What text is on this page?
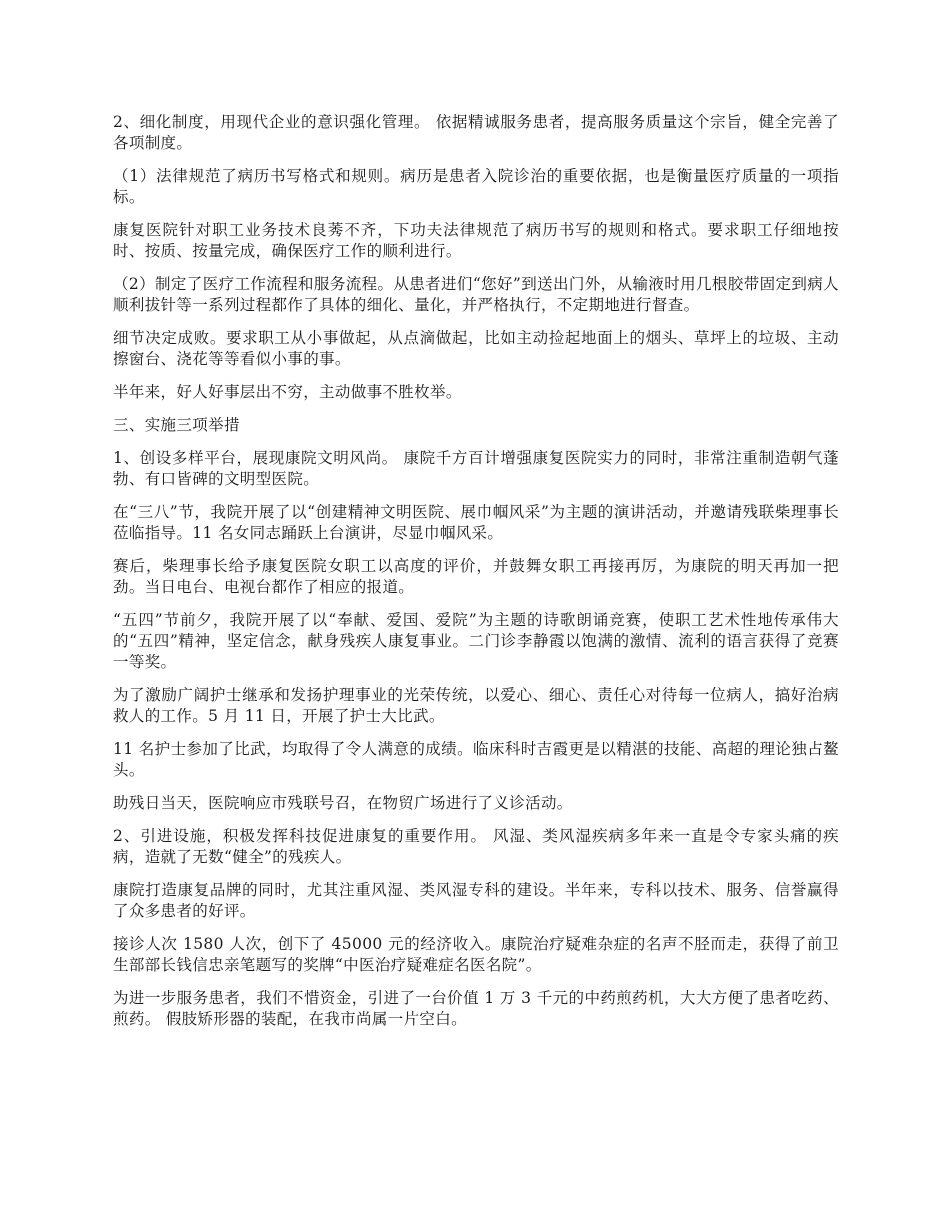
2、细化制度，用现代企业的意识强化管理。 依据精诚服务患者，提高服务质量这个宗旨，健全完善了各项制度。

（1）法律规范了病历书写格式和规则。病历是患者入院诊治的重要依据，也是衡量医疗质量的一项指标。

康复医院针对职工业务技术良莠不齐，下功夫法律规范了病历书写的规则和格式。要求职工仔细地按时、按质、按量完成，确保医疗工作的顺利进行。

（2）制定了医疗工作流程和服务流程。从患者进们“您好”到送出门外，从输液时用几根胶带固定到病人顺利拔针等一系列过程都作了具体的细化、量化，并严格执行，不定期地进行督查。

细节决定成败。要求职工从小事做起，从点滴做起，比如主动捡起地面上的烟头、草坪上的垃圾、主动擦窗台、浇花等等看似小事的事。

半年来，好人好事层出不穷，主动做事不胜枚举。

三、实施三项举措

1、创设多样平台，展现康院文明风尚。 康院千方百计增强康复医院实力的同时，非常注重制造朝气蓬勃、有口皆碑的文明型医院。

在“三八”节，我院开展了以“创建精神文明医院、展巾帼风采”为主题的演讲活动，并邀请残联柴理事长莅临指导。11 名女同志踊跃上台演讲，尽显巾帼风采。

赛后，柴理事长给予康复医院女职工以高度的评价，并鼓舞女职工再接再厉，为康院的明天再加一把劲。当日电台、电视台都作了相应的报道。

“五四”节前夕，我院开展了以“奉献、爱国、爱院”为主题的诗歌朗诵竞赛，使职工艺术性地传承伟大的“五四”精神，坚定信念，献身残疾人康复事业。二门诊李静霞以饱满的激情、流利的语言获得了竞赛一等奖。

为了激励广阔护士继承和发扬护理事业的光荣传统，以爱心、细心、责任心对待每一位病人，搞好治病救人的工作。5 月 11 日，开展了护士大比武。

11 名护士参加了比武，均取得了令人满意的成绩。临床科时吉霞更是以精湛的技能、高超的理论独占鳌头。

助残日当天，医院响应市残联号召，在物贸广场进行了义诊活动。

2、引进设施，积极发挥科技促进康复的重要作用。 风湿、类风湿疾病多年来一直是令专家头痛的疾病，造就了无数“健全”的残疾人。

康院打造康复品牌的同时，尤其注重风湿、类风湿专科的建设。半年来，专科以技术、服务、信誉赢得了众多患者的好评。

接诊人次 1580 人次，创下了 45000 元的经济收入。康院治疗疑难杂症的名声不胫而走，获得了前卫生部部长钱信忠亲笔题写的奖牌“中医治疗疑难症名医名院”。

为进一步服务患者，我们不惜资金，引进了一台价值 1 万 3 千元的中药煎药机，大大方便了患者吃药、煎药。 假肢矫形器的装配，在我市尚属一片空白。
